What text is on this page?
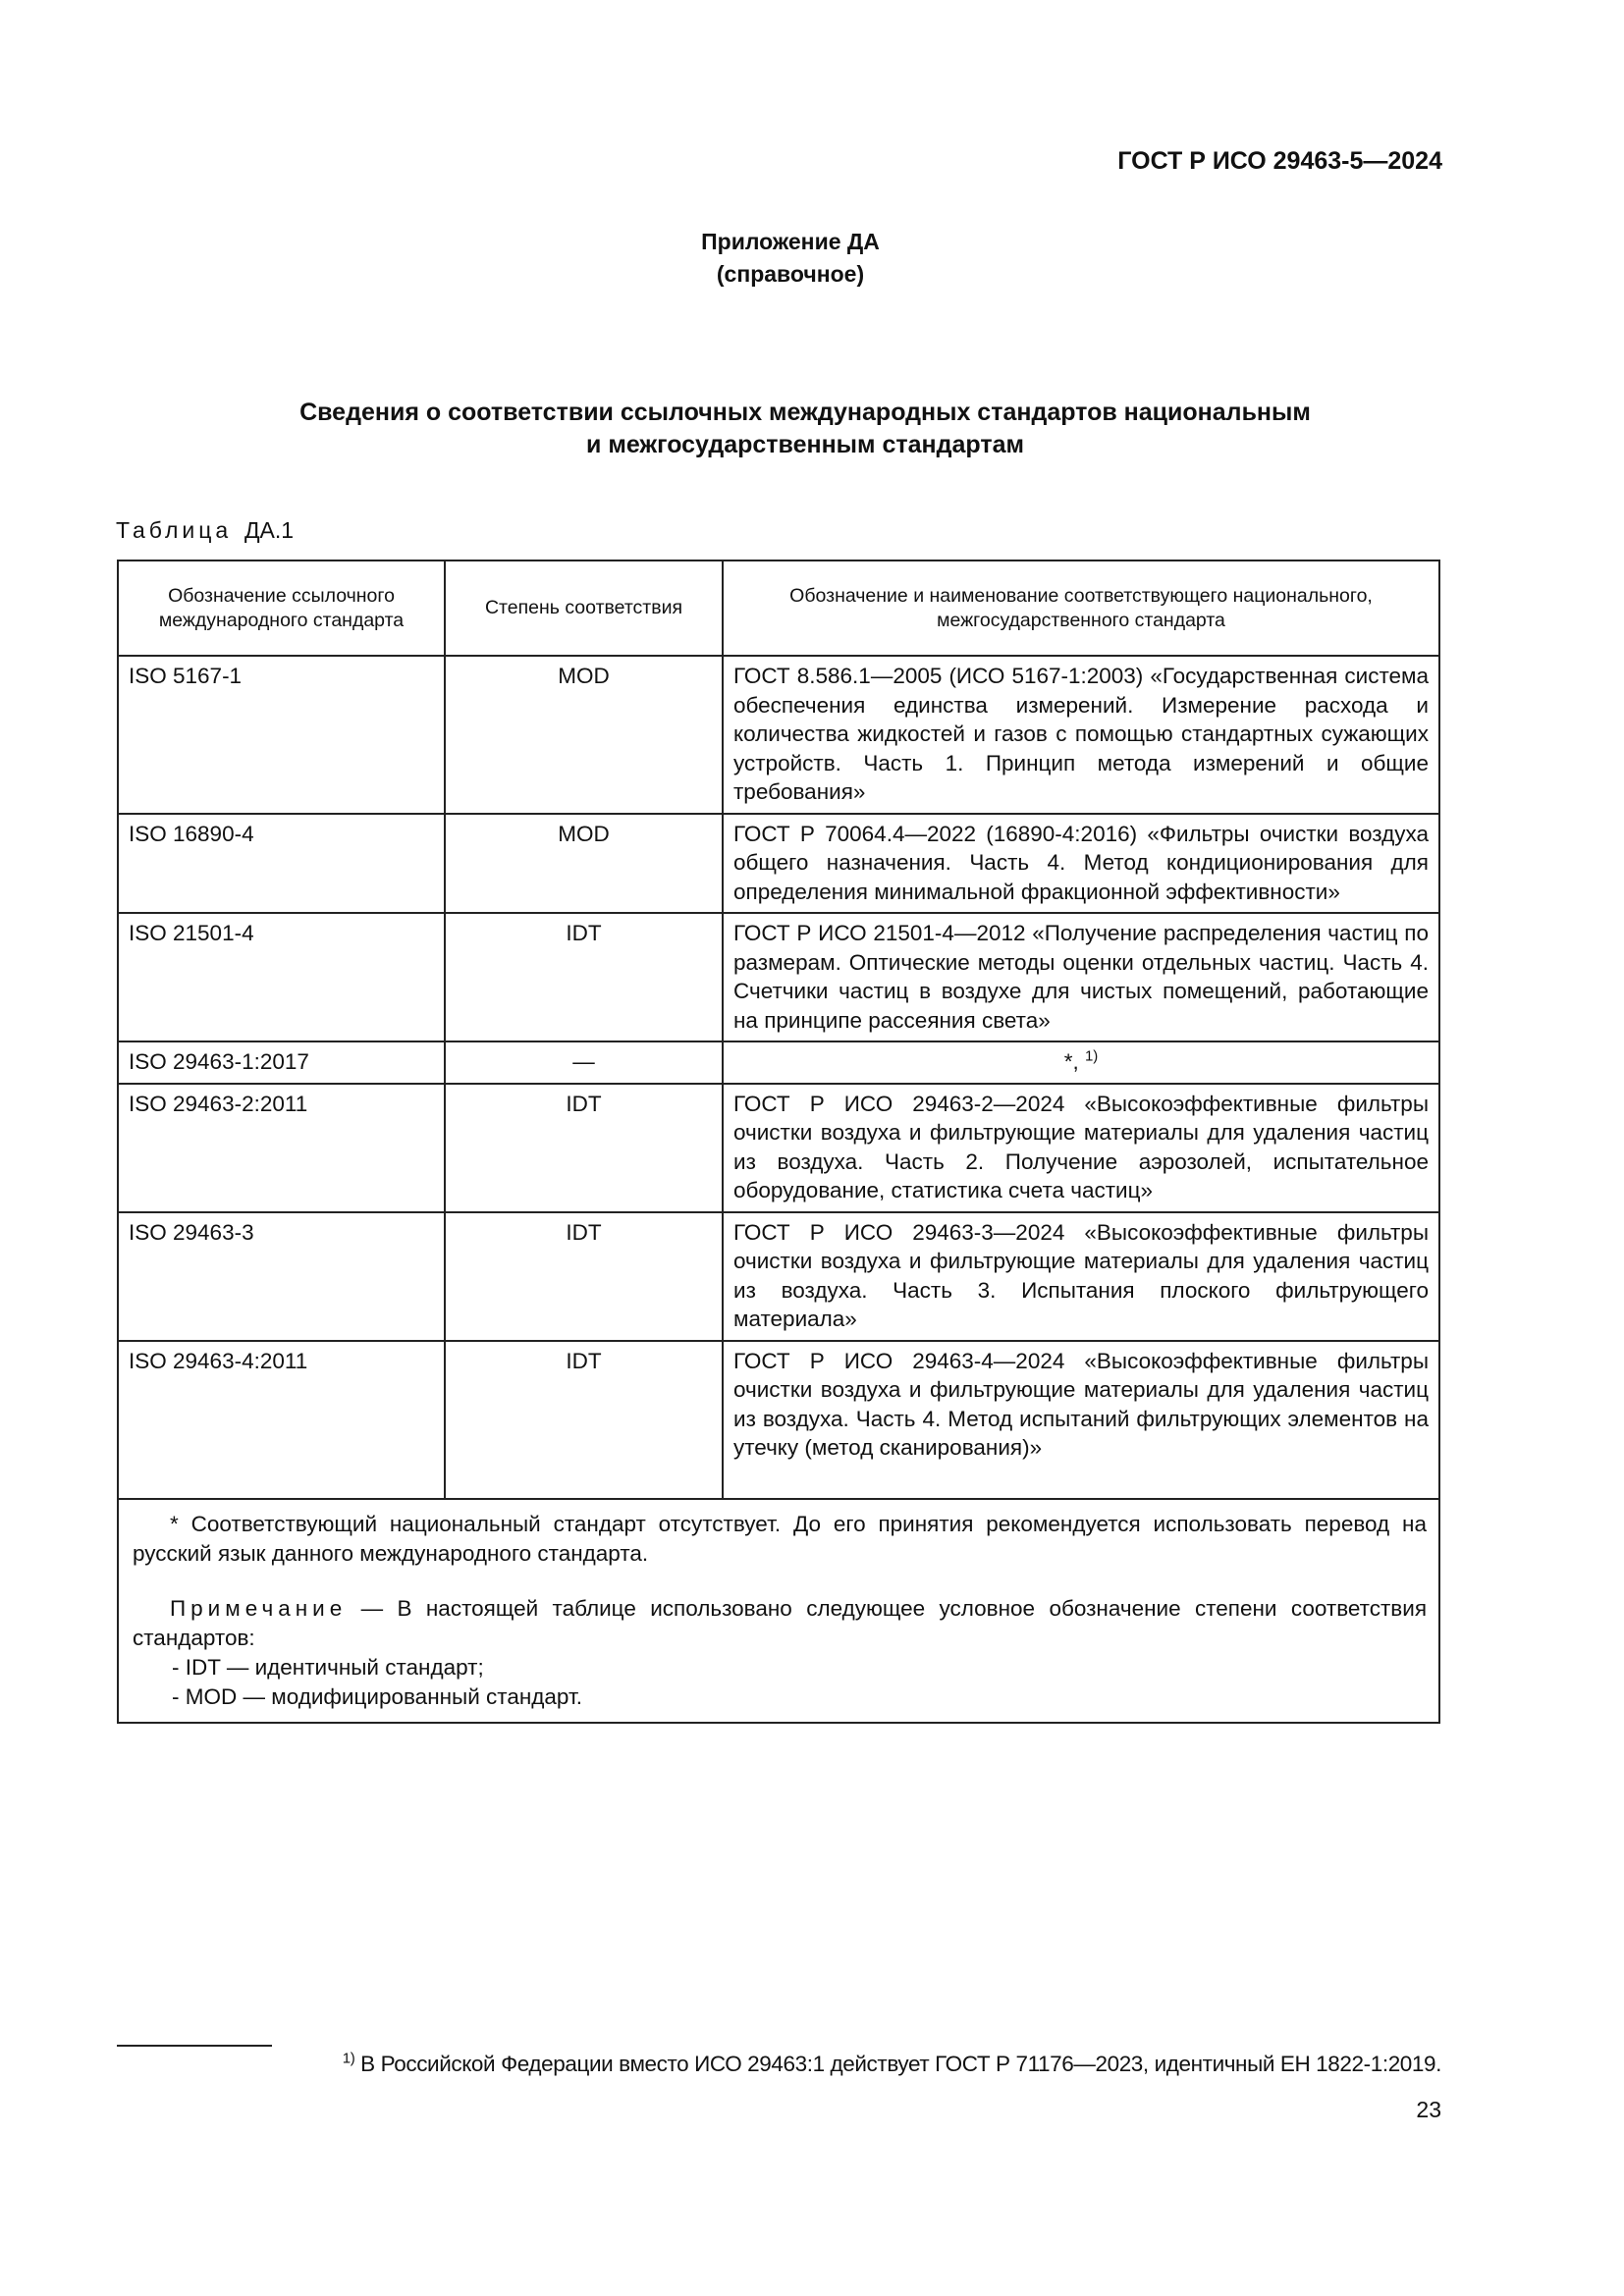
ГОСТ Р ИСО 29463-5—2024

Приложение ДА
(справочное)
Сведения о соответствии ссылочных международных стандартов национальным
и межгосударственным стандартам

Таблица ДА.1

Обозначение ссылочного международного стандарта	Степень соответствия	Обозначение и наименование соответствующего национального, межгосударственного стандарта
ISO 5167-1	MOD	ГОСТ 8.586.1—2005 (ИСО 5167-1:2003) «Государственная система обеспечения единства измерений. Измерение расхода и количества жидкостей и газов с помощью стандартных сужающих устройств. Часть 1. Принцип метода измерений и общие требования»
ISO 16890-4	MOD	ГОСТ Р 70064.4—2022 (16890-4:2016) «Фильтры очистки воздуха общего назначения. Часть 4. Метод кондиционирования для определения минимальной фракционной эффективности»
ISO 21501-4	IDT	ГОСТ Р ИСО 21501-4—2012 «Получение распределения частиц по размерам. Оптические методы оценки отдельных частиц. Часть 4. Счетчики частиц в воздухе для чистых помещений, работающие на принципе рассеяния света»
ISO 29463-1:2017	—	*, $^{1)}$
ISO 29463-2:2011	IDT	ГОСТ Р ИСО 29463-2—2024 «Высокоэффективные фильтры очистки воздуха и фильтрующие материалы для удаления частиц из воздуха. Часть 2. Получение аэрозолей, испытательное оборудование, статистика счета частиц»
ISO 29463-3	IDT	ГОСТ Р ИСО 29463-3—2024 «Высокоэффективные фильтры очистки воздуха и фильтрующие материалы для удаления частиц из воздуха. Часть 3. Испытания плоского фильтрующего материала»
ISO 29463-4:2011	IDT	ГОСТ Р ИСО 29463-4—2024 «Высокоэффективные фильтры очистки воздуха и фильтрующие материалы для удаления частиц из воздуха. Часть 4. Метод испытаний фильтрующих элементов на утечку (метод сканирования)»

* Соответствующий национальный стандарт отсутствует. До его принятия рекомендуется использовать перевод на русский язык данного международного стандарта.

Примечание — В настоящей таблице использовано следующее условное обозначение степени соответствия стандартов:

- IDT — идентичный стандарт;

- MOD — модифицированный стандарт.		

$^{1)}$ В Российской Федерации вместо ИСО 29463:1 действует ГОСТ Р 71176—2023, идентичный ЕН 1822-1:2019.

23
